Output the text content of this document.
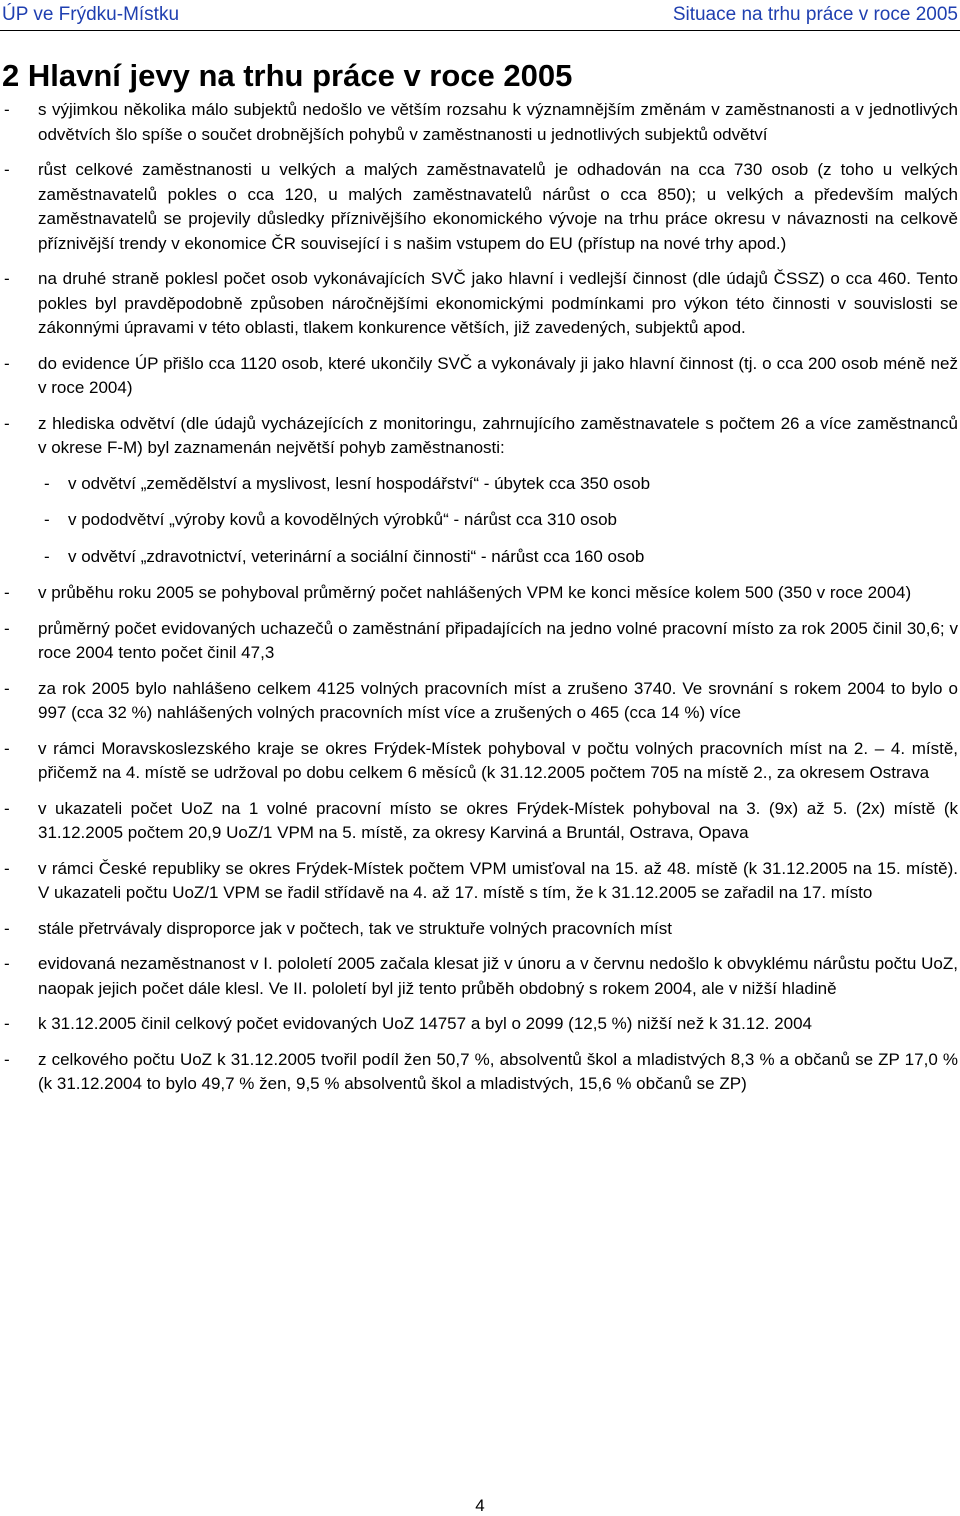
ÚP ve Frýdku-Místku	Situace na trhu práce v roce 2005
2 Hlavní jevy na trhu práce v roce 2005
- s výjimkou několika málo subjektů nedošlo ve větším rozsahu k významnějším změnám v zaměstnanosti a v jednotlivých odvětvích šlo spíše o součet drobnějších pohybů v zaměstnanosti u jednotlivých subjektů odvětví
- růst celkové zaměstnanosti u velkých a malých zaměstnavatelů je odhadován na cca 730 osob (z toho u velkých zaměstnavatelů pokles o cca 120, u malých zaměstnavatelů nárůst o cca 850); u velkých a především malých zaměstnavatelů se projevily důsledky příznivějšího ekonomického vývoje na trhu práce okresu v návaznosti na celkově příznivější trendy v ekonomice ČR související i s našim vstupem do EU (přístup na nové trhy apod.)
- na druhé straně poklesl počet osob vykonávajících SVČ jako hlavní i vedlejší činnost (dle údajů ČSSZ) o cca 460. Tento pokles byl pravděpodobně způsoben náročnějšími ekonomickými podmínkami pro výkon této činnosti v souvislosti se zákonnými úpravami v této oblasti, tlakem konkurence větších, již zavedených, subjektů apod.
- do evidence ÚP přišlo cca 1120 osob, které ukončily SVČ a vykonávaly ji jako hlavní činnost (tj. o cca 200 osob méně než v roce 2004)
- z hlediska odvětví (dle údajů vycházejících z monitoringu, zahrnujícího zaměstnavatele s počtem 26 a více zaměstnanců v okrese F-M) byl zaznamenán největší pohyb zaměstnanosti:
- v odvětví „zemědělství a myslivost, lesní hospodářství“ - úbytek cca 350 osob
- v pododvětví „výroby kovů a kovodělných výrobků“ - nárůst cca 310 osob
- v odvětví „zdravotnictví, veterinární a sociální činnosti“ - nárůst cca 160 osob
- v průběhu roku 2005 se pohyboval průměrný počet nahlášených VPM ke konci měsíce kolem 500 (350 v roce 2004)
- průměrný počet evidovaných uchazečů o zaměstnání připadajících na jedno volné pracovní místo za rok 2005 činil 30,6; v roce 2004 tento počet činil 47,3
- za rok 2005 bylo nahlášeno celkem 4125 volných pracovních míst a zrušeno 3740. Ve srovnání s rokem 2004 to bylo o 997 (cca 32 %) nahlášených volných pracovních míst více a zrušených o 465 (cca 14 %) více
- v rámci Moravskoslezského kraje se okres Frýdek-Místek pohyboval v počtu volných pracovních míst na 2. – 4. místě, přičemž na 4. místě se udržoval po dobu celkem 6 měsíců (k 31.12.2005 počtem 705 na místě 2., za okresem Ostrava
- v ukazateli počet UoZ na 1 volné pracovní místo se okres Frýdek-Místek pohyboval na 3. (9x) až 5. (2x) místě (k 31.12.2005 počtem 20,9 UoZ/1 VPM na 5. místě, za okresy Karviná a Bruntál, Ostrava, Opava
- v rámci České republiky se okres Frýdek-Místek počtem VPM umisťoval na 15. až 48. místě (k 31.12.2005 na 15. místě). V ukazateli počtu UoZ/1 VPM se řadil střídavě na 4. až 17. místě s tím, že k 31.12.2005 se zařadil na 17. místo
- stále přetrvávaly disproporce jak v počtech, tak ve struktuře volných pracovních míst
- evidovaná nezaměstnanost v I. pololetí 2005 začala klesat již v únoru a v červnu nedošlo k obvyklému nárůstu počtu UoZ, naopak jejich počet dále klesl. Ve II. pololetí byl již tento průběh obdobný s rokem 2004, ale v nižší hladině
- k 31.12.2005 činil celkový počet evidovaných UoZ 14757 a byl o 2099 (12,5 %) nižší než k 31.12. 2004
- z celkového počtu UoZ k 31.12.2005 tvořil podíl žen 50,7 %, absolventů škol a mladistvých 8,3 % a občanů se ZP 17,0 % (k 31.12.2004 to bylo 49,7 % žen, 9,5 % absolventů škol a mladistvých, 15,6 % občanů se ZP)
4
